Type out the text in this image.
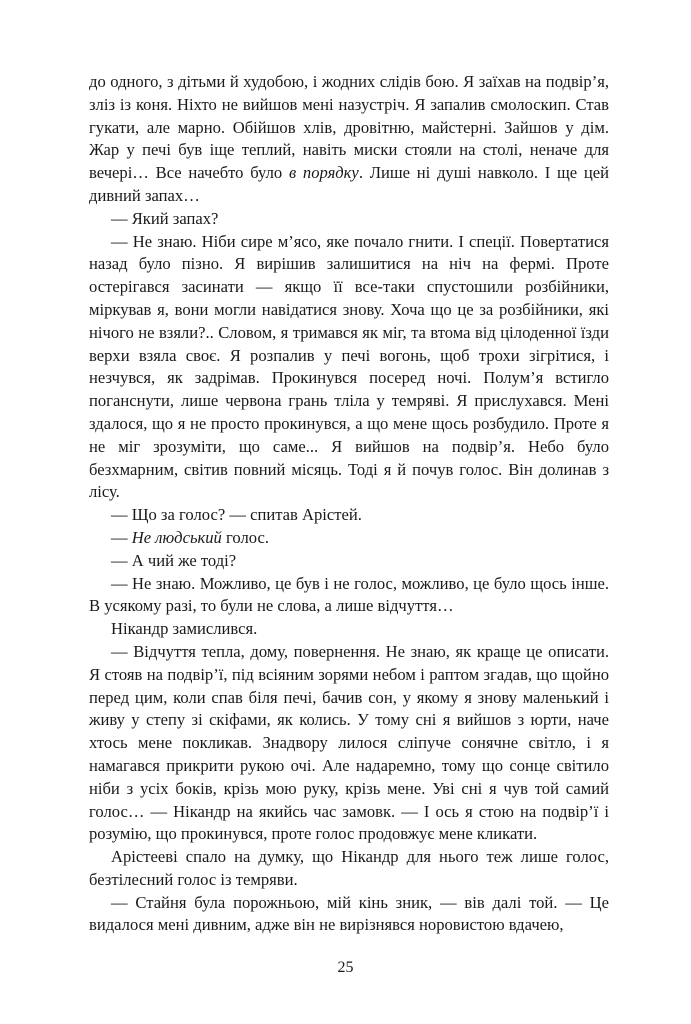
до одного, з дітьми й худобою, і жодних слідів бою. Я заїхав на подвір’я, зліз із коня. Ніхто не вийшов мені назустріч. Я запалив смолоскип. Став гукати, але марно. Обійшов хлів, дровітню, майстерні. Зайшов у дім. Жар у печі був іще теплий, навіть миски стояли на столі, неначе для вечері… Все начебто було в порядку. Лише ні душі навколо. І ще цей дивний запах…

— Який запах?

— Не знаю. Ніби сире м’ясо, яке почало гнити. І спеції. Повертатися назад було пізно. Я вирішив залишитися на ніч на фермі. Проте остерігався засинати — якщо її все-таки спустошили розбійники, міркував я, вони могли навідатися знову. Хоча що це за розбійники, які нічого не взяли?.. Словом, я тримався як міг, та втома від цілоденної їзди верхи взяла своє. Я розпалив у печі вогонь, щоб трохи зігрітися, і незчувся, як задрімав. Прокинувся посеред ночі. Полум’я встигло поганснути, лише червона грань тліла у темряві. Я прислухався. Мені здалося, що я не просто прокинувся, а що мене щось розбудило. Проте я не міг зрозуміти, що саме... Я вийшов на подвір’я. Небо було безхмарним, світив повний місяць. Тоді я й почув голос. Він долинав з лісу.

— Що за голос? — спитав Арістей.

— Не людський голос.

— А чий же тоді?

— Не знаю. Можливо, це був і не голос, можливо, це було щось інше. В усякому разі, то були не слова, а лише відчуття…

Нікандр замислився.

— Відчуття тепла, дому, повернення. Не знаю, як краще це описати. Я стояв на подвір’ї, під всіяним зорями небом і раптом згадав, що щойно перед цим, коли спав біля печі, бачив сон, у якому я знову маленький і живу у степу зі скіфами, як колись. У тому сні я вийшов з юрти, наче хтось мене покликав. Знадвору лилося сліпуче сонячне світло, і я намагався прикрити рукою очі. Але надаремно, тому що сонце світило ніби з усіх боків, крізь мою руку, крізь мене. Уві сні я чув той самий голос… — Нікандр на якийсь час замовк. — І ось я стою на подвір’ї і розумію, що прокинувся, проте голос продовжує мене кликати.

Арістееві спало на думку, що Нікандр для нього теж лише голос, безтілесний голос із темряви.

— Стайня була порожньою, мій кінь зник, — вів далі той. — Це видалося мені дивним, адже він не вирізнявся норовистою вдачею,

25
